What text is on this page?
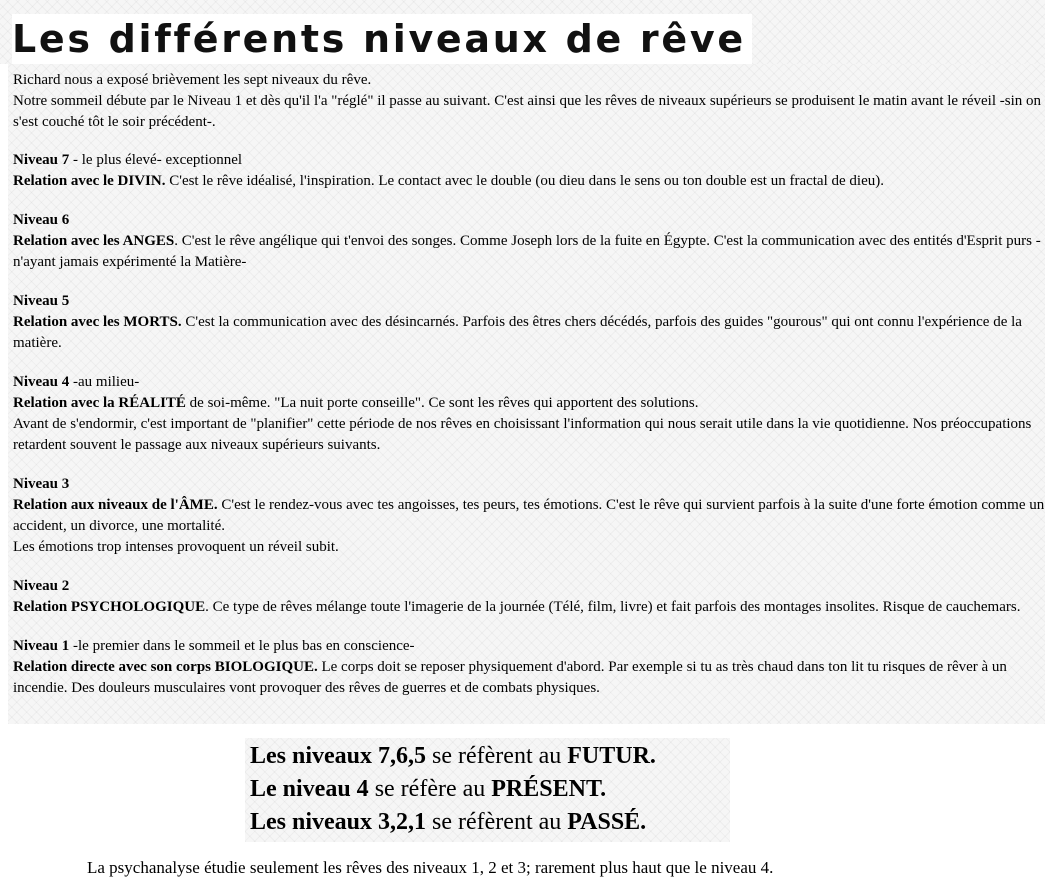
Les différents niveaux de rêve

Richard nous a exposé brièvement les sept niveaux du rêve.
Notre sommeil débute par le Niveau 1 et dès qu'il l'a "réglé" il passe au suivant. C'est ainsi que les rêves de niveaux supérieurs se produisent le matin avant le réveil -sin on s'est couché tôt le soir précédent-.

Niveau 7 - le plus élevé- exceptionnel
Relation avec le DIVIN. C'est le rêve idéalisé, l'inspiration. Le contact avec le double (ou dieu dans le sens ou ton double est un fractal de dieu).

Niveau 6
Relation avec les ANGES. C'est le rêve angélique qui t'envoi des songes. Comme Joseph lors de la fuite en Égypte. C'est la communication avec des entités d'Esprit purs -n'ayant jamais expérimenté la Matière-

Niveau 5
Relation avec les MORTS. C'est la communication avec des désincarnés. Parfois des êtres chers décédés, parfois des guides "gourous" qui ont connu l'expérience de la matière.

Niveau 4 -au milieu-
Relation avec la RÉALITÉ de soi-même. "La nuit porte conseille". Ce sont les rêves qui apportent des solutions.
Avant de s'endormir, c'est important de "planifier" cette période de nos rêves en choisissant l'information qui nous serait utile dans la vie quotidienne. Nos préoccupations retardent souvent le passage aux niveaux supérieurs suivants.

Niveau 3
Relation aux niveaux de l'ÂME. C'est le rendez-vous avec tes angoisses, tes peurs, tes émotions. C'est le rêve qui survient parfois à la suite d'une forte émotion comme un accident, un divorce, une mortalité.
Les émotions trop intenses provoquent un réveil subit.

Niveau 2
Relation PSYCHOLOGIQUE. Ce type de rêves mélange toute l'imagerie de la journée (Télé, film, livre) et fait parfois des montages insolites. Risque de cauchemars.

Niveau 1 -le premier dans le sommeil et le plus bas en conscience-
Relation directe avec son corps BIOLOGIQUE. Le corps doit se reposer physiquement d'abord. Par exemple si tu as très chaud dans ton lit tu risques de rêver à un incendie. Des douleurs musculaires vont provoquer des rêves de guerres et de combats physiques.

Les niveaux 7,6,5 se réfèrent au FUTUR.
Le niveau 4 se réfère au PRÉSENT.
Les niveaux 3,2,1 se réfèrent au PASSÉ.
La psychanalyse étudie seulement les rêves des niveaux 1, 2 et 3; rarement plus haut que le niveau 4.
